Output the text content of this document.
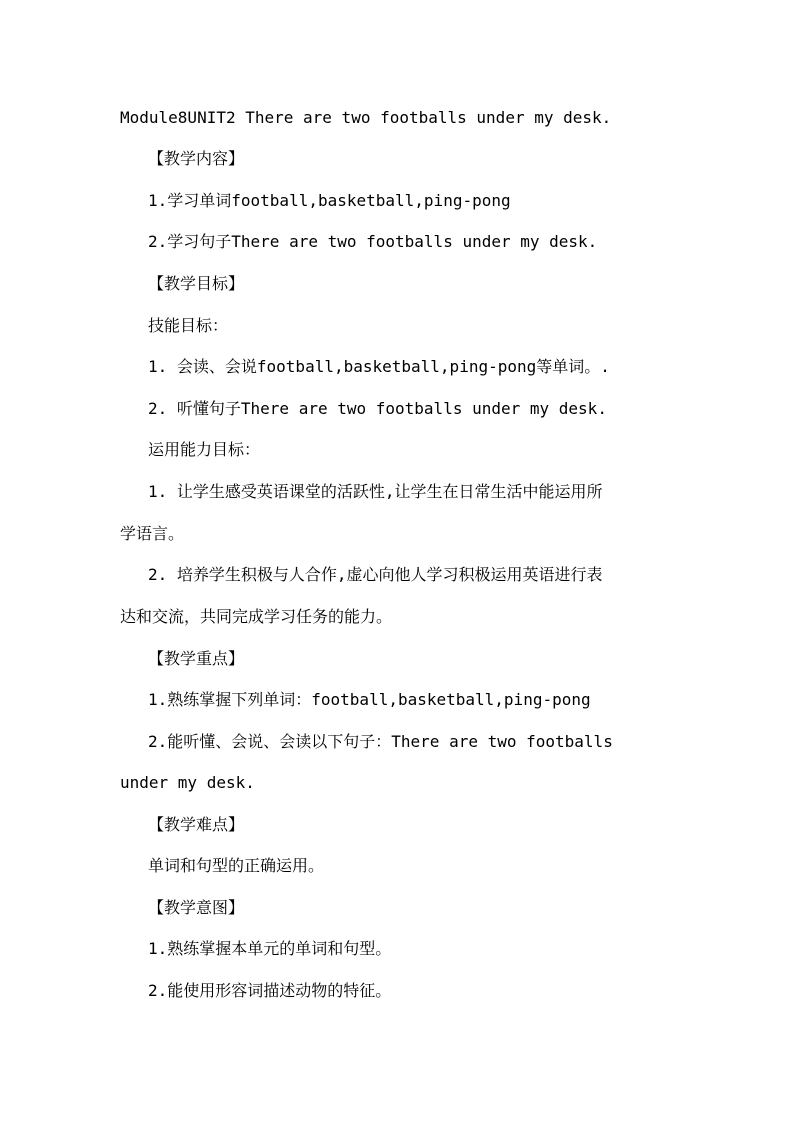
Module8UNIT2 There are two footballs under my desk.
【教学内容】
1.学习单词football,basketball,ping-pong
2.学习句子There are two footballs under my desk.
【教学目标】
技能目标：
1. 会读、会说football,basketball,ping-pong等单词。.
2. 听懂句子There are two footballs under my desk.
运用能力目标：
1. 让学生感受英语课堂的活跃性,让学生在日常生活中能运用所
学语言。
2. 培养学生积极与人合作,虚心向他人学习积极运用英语进行表
达和交流，共同完成学习任务的能力。
【教学重点】
1.熟练掌握下列单词：football,basketball,ping-pong
2.能听懂、会说、会读以下句子：There are two footballs
under my desk.
【教学难点】
单词和句型的正确运用。
【教学意图】
1.熟练掌握本单元的单词和句型。
2.能使用形容词描述动物的特征。
